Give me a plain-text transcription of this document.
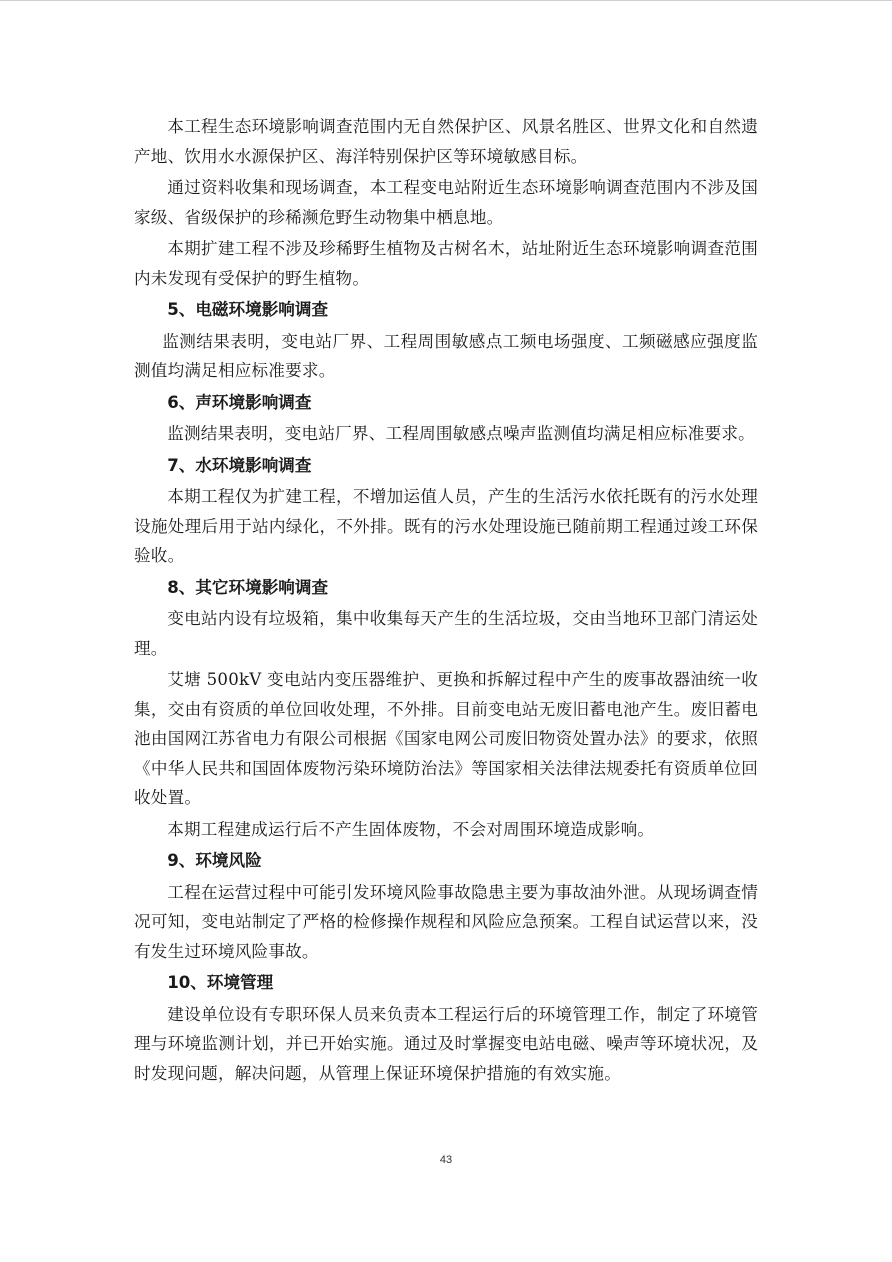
本工程生态环境影响调查范围内无自然保护区、风景名胜区、世界文化和自然遗产地、饮用水水源保护区、海洋特别保护区等环境敏感目标。

通过资料收集和现场调查，本工程变电站附近生态环境影响调查范围内不涉及国家级、省级保护的珍稀濒危野生动物集中栖息地。

本期扩建工程不涉及珍稀野生植物及古树名木，站址附近生态环境影响调查范围内未发现有受保护的野生植物。

5、电磁环境影响调查

监测结果表明，变电站厂界、工程周围敏感点工频电场强度、工频磁感应强度监测值均满足相应标准要求。

6、声环境影响调查

监测结果表明，变电站厂界、工程周围敏感点噪声监测值均满足相应标准要求。

7、水环境影响调查

本期工程仅为扩建工程，不增加运值人员，产生的生活污水依托既有的污水处理设施处理后用于站内绿化，不外排。既有的污水处理设施已随前期工程通过竣工环保验收。

8、其它环境影响调查

变电站内设有垃圾箱，集中收集每天产生的生活垃圾，交由当地环卫部门清运处理。

艾塘 500kV 变电站内变压器维护、更换和拆解过程中产生的废事故器油统一收集，交由有资质的单位回收处理，不外排。目前变电站无废旧蓄电池产生。废旧蓄电池由国网江苏省电力有限公司根据《国家电网公司废旧物资处置办法》的要求，依照《中华人民共和国固体废物污染环境防治法》等国家相关法律法规委托有资质单位回收处置。

本期工程建成运行后不产生固体废物，不会对周围环境造成影响。

9、环境风险

工程在运营过程中可能引发环境风险事故隐患主要为事故油外泄。从现场调查情况可知，变电站制定了严格的检修操作规程和风险应急预案。工程自试运营以来，没有发生过环境风险事故。

10、环境管理

建设单位设有专职环保人员来负责本工程运行后的环境管理工作，制定了环境管理与环境监测计划，并已开始实施。通过及时掌握变电站电磁、噪声等环境状况，及时发现问题，解决问题，从管理上保证环境保护措施的有效实施。

43
